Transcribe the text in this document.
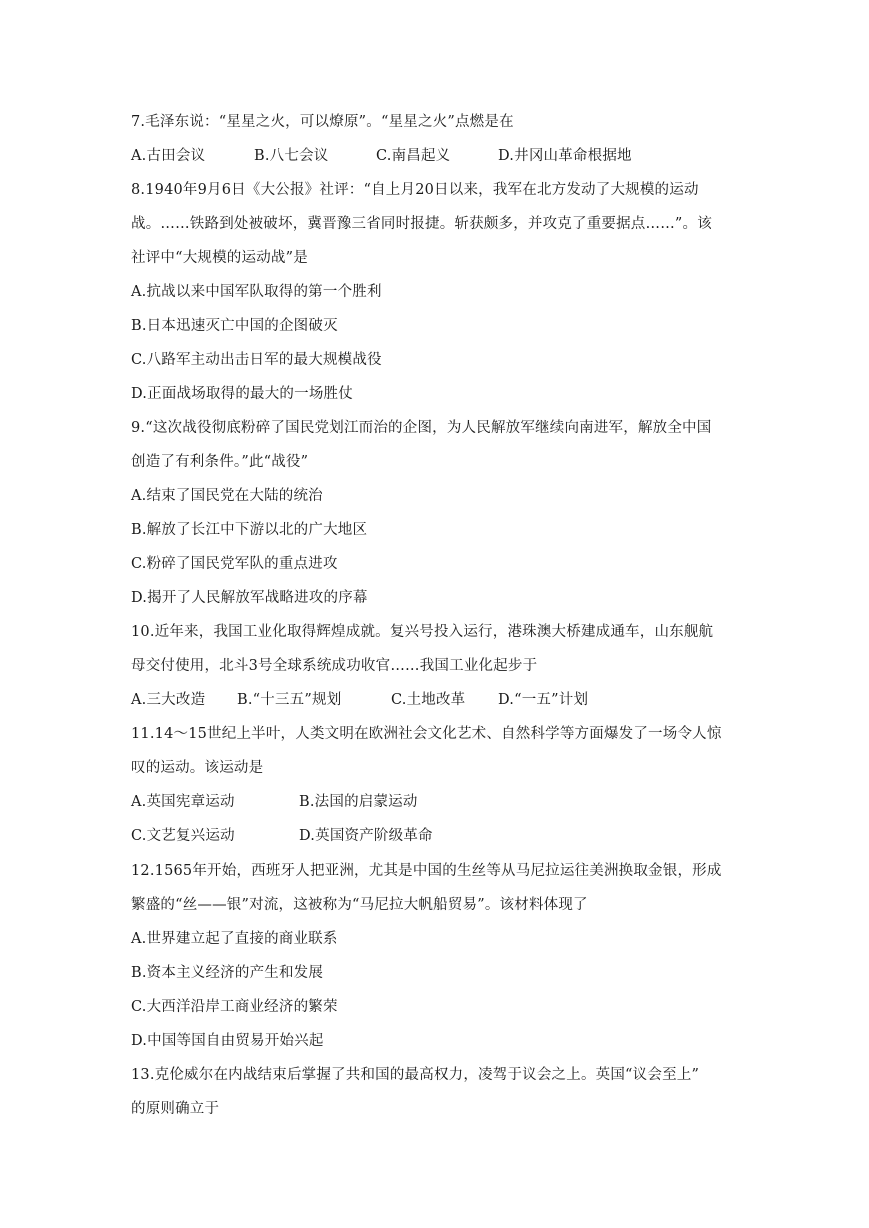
7.毛泽东说：“星星之火，可以燎原”。“星星之火”点燃是在
A.古田会议	B.八七会议	C.南昌起义	D.井冈山革命根据地
8.1940年9月6日《大公报》社评：“自上月20日以来，我军在北方发动了大规模的运动
战。……铁路到处被破坏，冀晋豫三省同时报捷。斩获颇多，并攻克了重要据点……”。该
社评中“大规模的运动战”是
A.抗战以来中国军队取得的第一个胜利
B.日本迅速灭亡中国的企图破灭
C.八路军主动出击日军的最大规模战役
D.正面战场取得的最大的一场胜仗
9.“这次战役彻底粉碎了国民党划江而治的企图，为人民解放军继续向南进军，解放全中国
创造了有利条件。”此“战役”
A.结束了国民党在大陆的统治
B.解放了长江中下游以北的广大地区
C.粉碎了国民党军队的重点进攻
D.揭开了人民解放军战略进攻的序幕
10.近年来，我国工业化取得辉煌成就。复兴号投入运行，港珠澳大桥建成通车，山东舰航
母交付使用，北斗3号全球系统成功收官……我国工业化起步于
A.三大改造 B.“十三五”规划	C.土地改革 D.“一五”计划
11.14～15世纪上半叶，人类文明在欧洲社会文化艺术、自然科学等方面爆发了一场令人惊
叹的运动。该运动是
A.英国宪章运动	B.法国的启蒙运动
C.文艺复兴运动	D.英国资产阶级革命
12.1565年开始，西班牙人把亚洲，尤其是中国的生丝等从马尼拉运往美洲换取金银，形成
繁盛的“丝——银”对流，这被称为“马尼拉大帆船贸易”。该材料体现了
A.世界建立起了直接的商业联系
B.资本主义经济的产生和发展
C.大西洋沿岸工商业经济的繁荣
D.中国等国自由贸易开始兴起
13.克伦威尔在内战结束后掌握了共和国的最高权力，凌驾于议会之上。英国“议会至上”
的原则确立于
